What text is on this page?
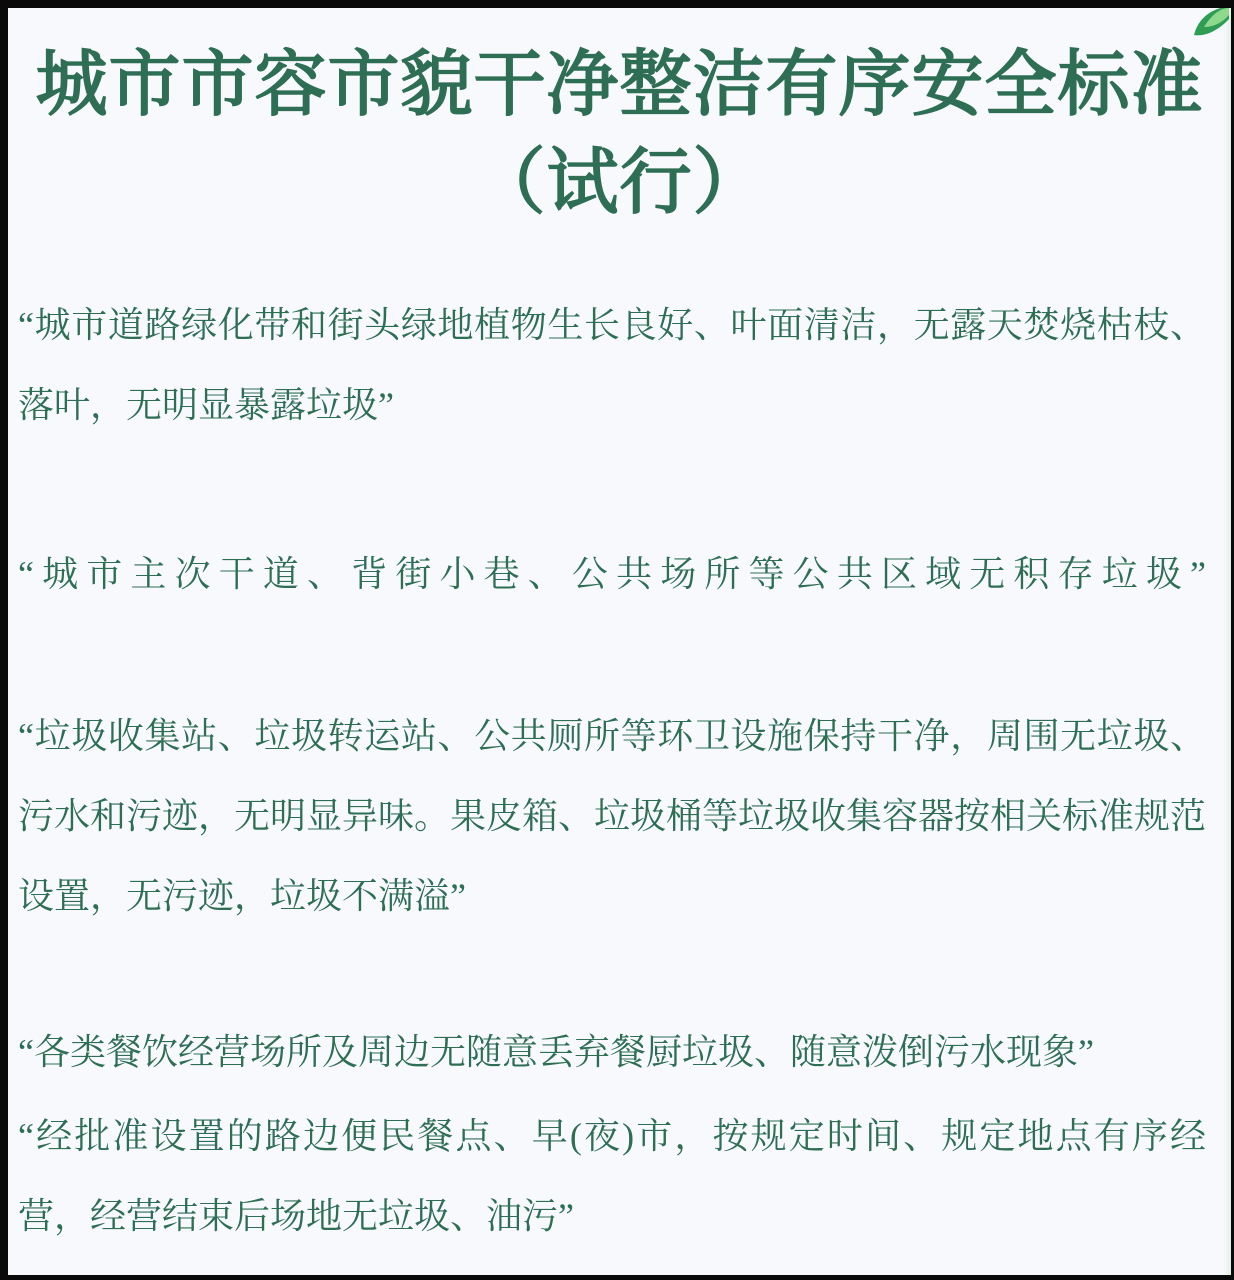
城市市容市貌干净整洁有序安全标准
（试行）

“城市道路绿化带和街头绿地植物生长良好、叶面清洁，无露天焚烧枯枝、落叶，无明显暴露垃圾”

“城市主次干道、背街小巷、公共场所等公共区域无积存垃圾”

“垃圾收集站、垃圾转运站、公共厕所等环卫设施保持干净，周围无垃圾、污水和污迹，无明显异味。果皮箱、垃圾桶等垃圾收集容器按相关标准规范设置，无污迹，垃圾不满溢”

“各类餐饮经营场所及周边无随意丢弃餐厨垃圾、随意泼倒污水现象”

“经批准设置的路边便民餐点、早(夜)市，按规定时间、规定地点有序经营，经营结束后场地无垃圾、油污”
